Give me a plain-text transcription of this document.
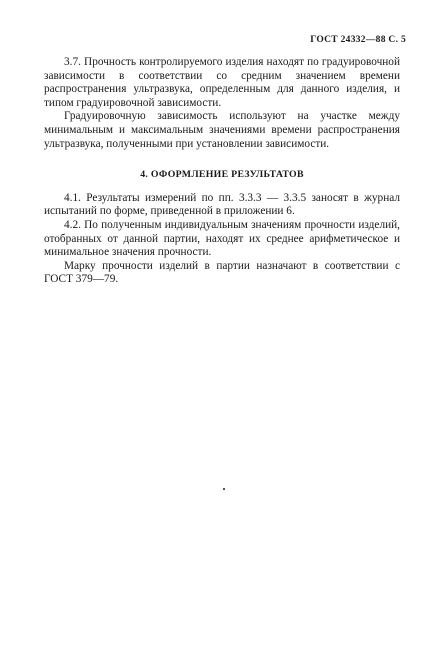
ГОСТ 24332—88 С. 5

3.7. Прочность контролируемого изделия находят по градуировочной зависимости в соответствии со средним значением времени распространения ультразвука, определенным для данного изделия, и типом градуировочной зависимости.

Градуировочную зависимость используют на участке между минимальным и максимальным значениями времени распространения ультразвука, полученными при установлении зависимости.

4. ОФОРМЛЕНИЕ РЕЗУЛЬТАТОВ

4.1. Результаты измерений по пп. 3.3.3 — 3.3.5 заносят в журнал испытаний по форме, приведенной в приложении 6.

4.2. По полученным индивидуальным значениям прочности изделий, отобранных от данной партии, находят их среднее арифметическое и минимальное значения прочности.

Марку прочности изделий в партии назначают в соответствии с ГОСТ 379—79.
